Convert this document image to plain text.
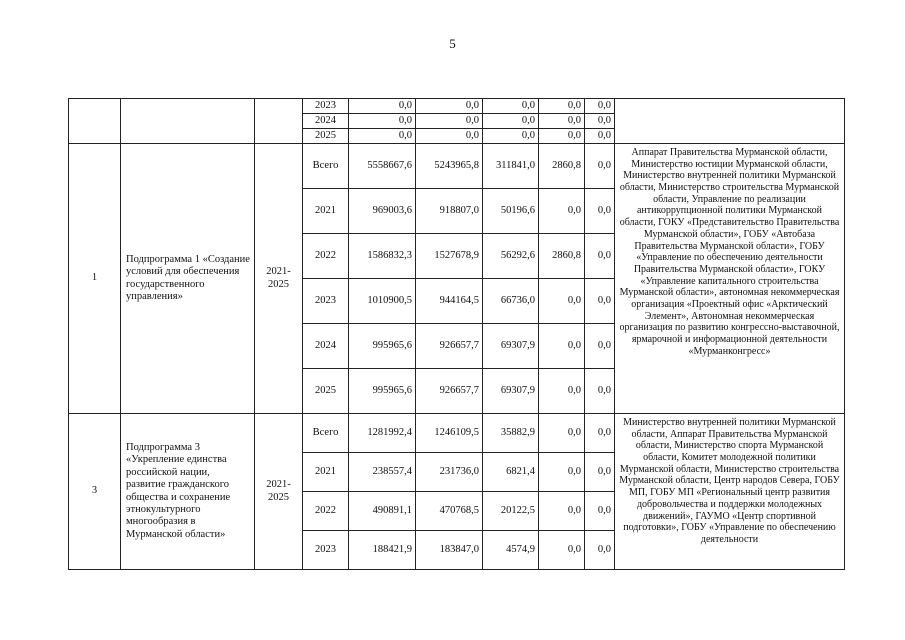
5
			2023	0,0	0,0	0,0	0,0	0,0	
			2024	0,0	0,0	0,0	0,0	0,0	
			2025	0,0	0,0	0,0	0,0	0,0	
1	Подпрограмма 1 «Создание условий для обеспечения государственного управления»	2021-2025	Всего	5558667,6	5243965,8	311841,0	2860,8	0,0	Аппарат Правительства Мурманской области, Министерство юстиции Мурманской области, Министерство внутренней политики Мурманской области, Министерство строительства Мурманской области, Управление по реализации антикоррупционной политики Мурманской области, ГОКУ «Представительство Правительства Мурманской области», ГОБУ «Автобаза Правительства Мурманской области», ГОБУ «Управление по обеспечению деятельности Правительства Мурманской области», ГОКУ «Управление капитального строительства Мурманской области», автономная некоммерческая организация «Проектный офис «Арктический Элемент», Автономная некоммерческая организация по развитию конгрессно-выставочной, ярмарочной и информационной деятельности «Мурманконгресс»
			2021	969003,6	918807,0	50196,6	0,0	0,0	
			2022	1586832,3	1527678,9	56292,6	2860,8	0,0	
			2023	1010900,5	944164,5	66736,0	0,0	0,0	
			2024	995965,6	926657,7	69307,9	0,0	0,0	
			2025	995965,6	926657,7	69307,9	0,0	0,0	
3	Подпрограмма 3 «Укрепление единства российской нации, развитие гражданского общества и сохранение этнокультурного многообразия в Мурманской области»	2021-2025	Всего	1281992,4	1246109,5	35882,9	0,0	0,0	Министерство внутренней политики Мурманской области, Аппарат Правительства Мурманской области, Министерство спорта Мурманской области, Комитет молодежной политики Мурманской области, Министерство строительства Мурманской области, Центр народов Севера, ГОБУ МП, ГОБУ МП «Региональный центр развития добровольчества и поддержки молодежных движений», ГАУМО «Центр спортивной подготовки», ГОБУ «Управление по обеспечению деятельности
			2021	238557,4	231736,0	6821,4	0,0	0,0	
			2022	490891,1	470768,5	20122,5	0,0	0,0	
			2023	188421,9	183847,0	4574,9	0,0	0,0	
